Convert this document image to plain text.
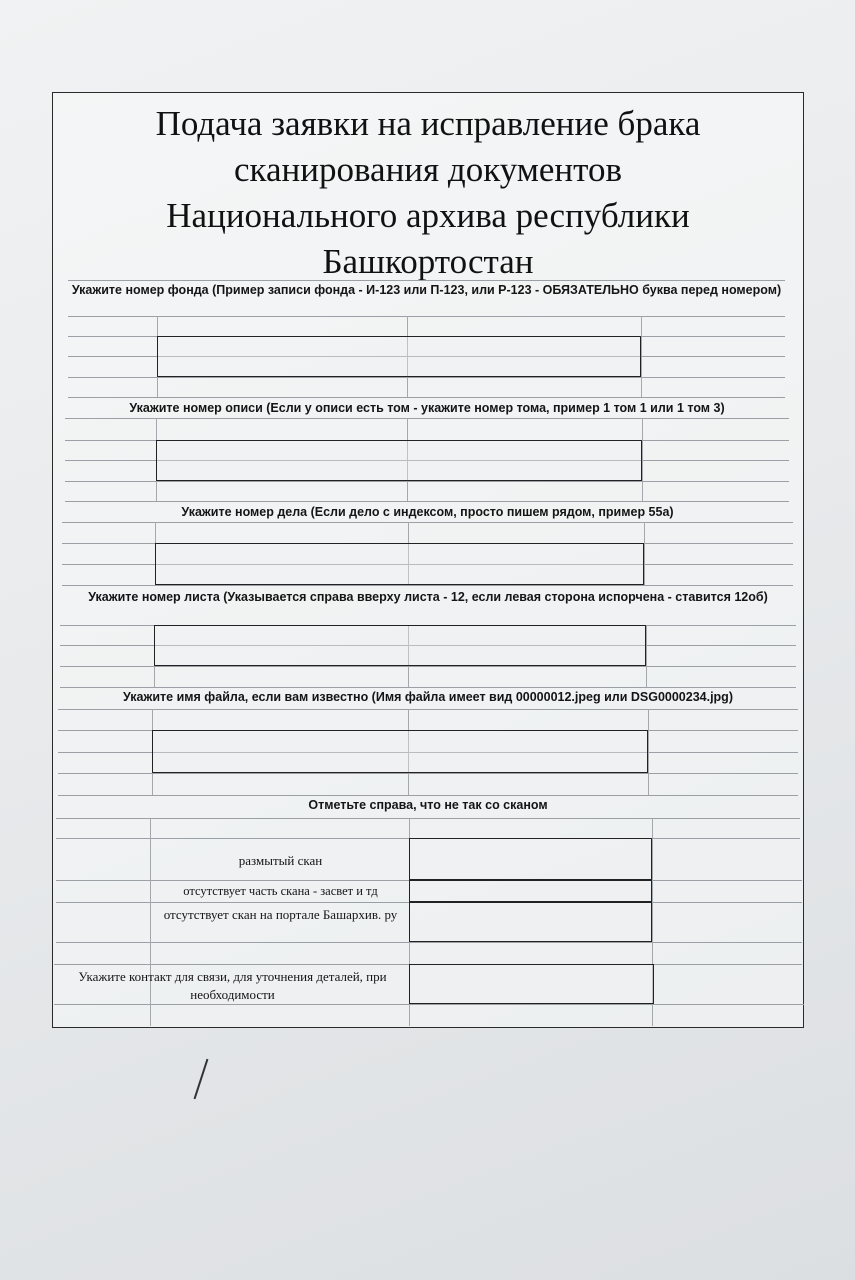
Подача заявки на исправление брака
сканирования документов
Национального архива республики
Башкортостан
Укажите номер фонда (Пример записи фонда - И-123 или П-123, или Р-123 - ОБЯЗАТЕЛЬНО буква перед номером)
Укажите номер описи (Если у описи есть том - укажите номер тома, пример 1 том 1 или 1 том 3)
Укажите номер дела (Если дело с индексом, просто пишем рядом, пример 55а)
Укажите номер листа (Указывается справа вверху листа - 12, если левая сторона испорчена - ставится 12об)
Укажите имя файла, если вам известно (Имя файла имеет вид 00000012.jpeg или DSG0000234.jpg)
Отметьте справа, что не так со сканом
размытый скан
отсутствует часть скана - засвет и тд
отсутствует скан на портале Башархив. ру
Укажите контакт для связи, для уточнения деталей, при необходимости
